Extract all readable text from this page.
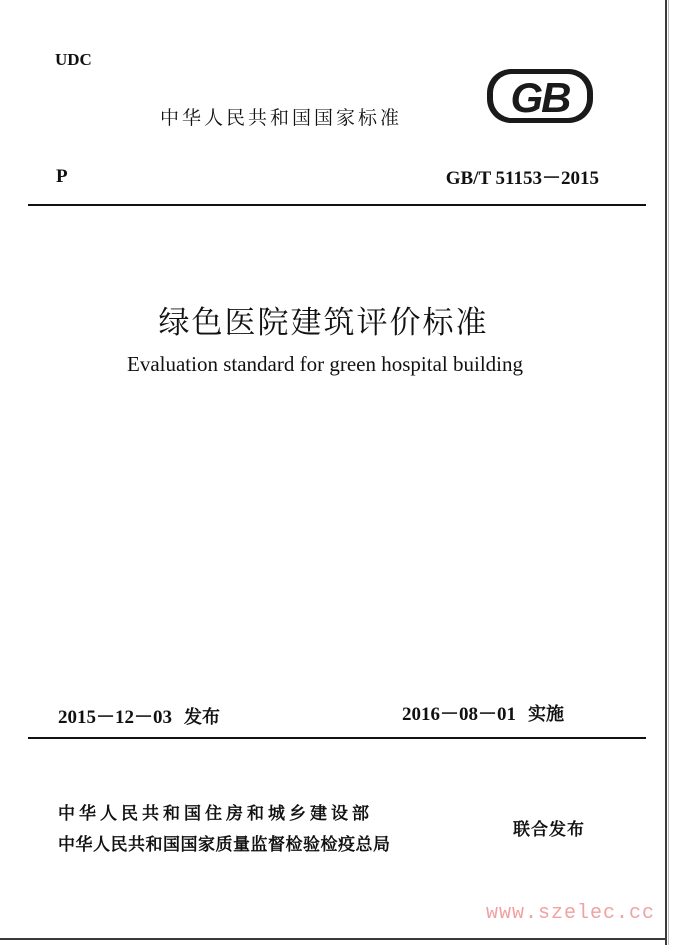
UDC
中华人民共和国国家标准	GB
P	GB/T 51153－2015
绿色医院建筑评价标准
Evaluation standard for green hospital building
2015－12－03 发布	2016－08－01 实施
中华人民共和国住房和城乡建设部
中华人民共和国国家质量监督检验检疫总局
联合发布
www.szelec.cc
